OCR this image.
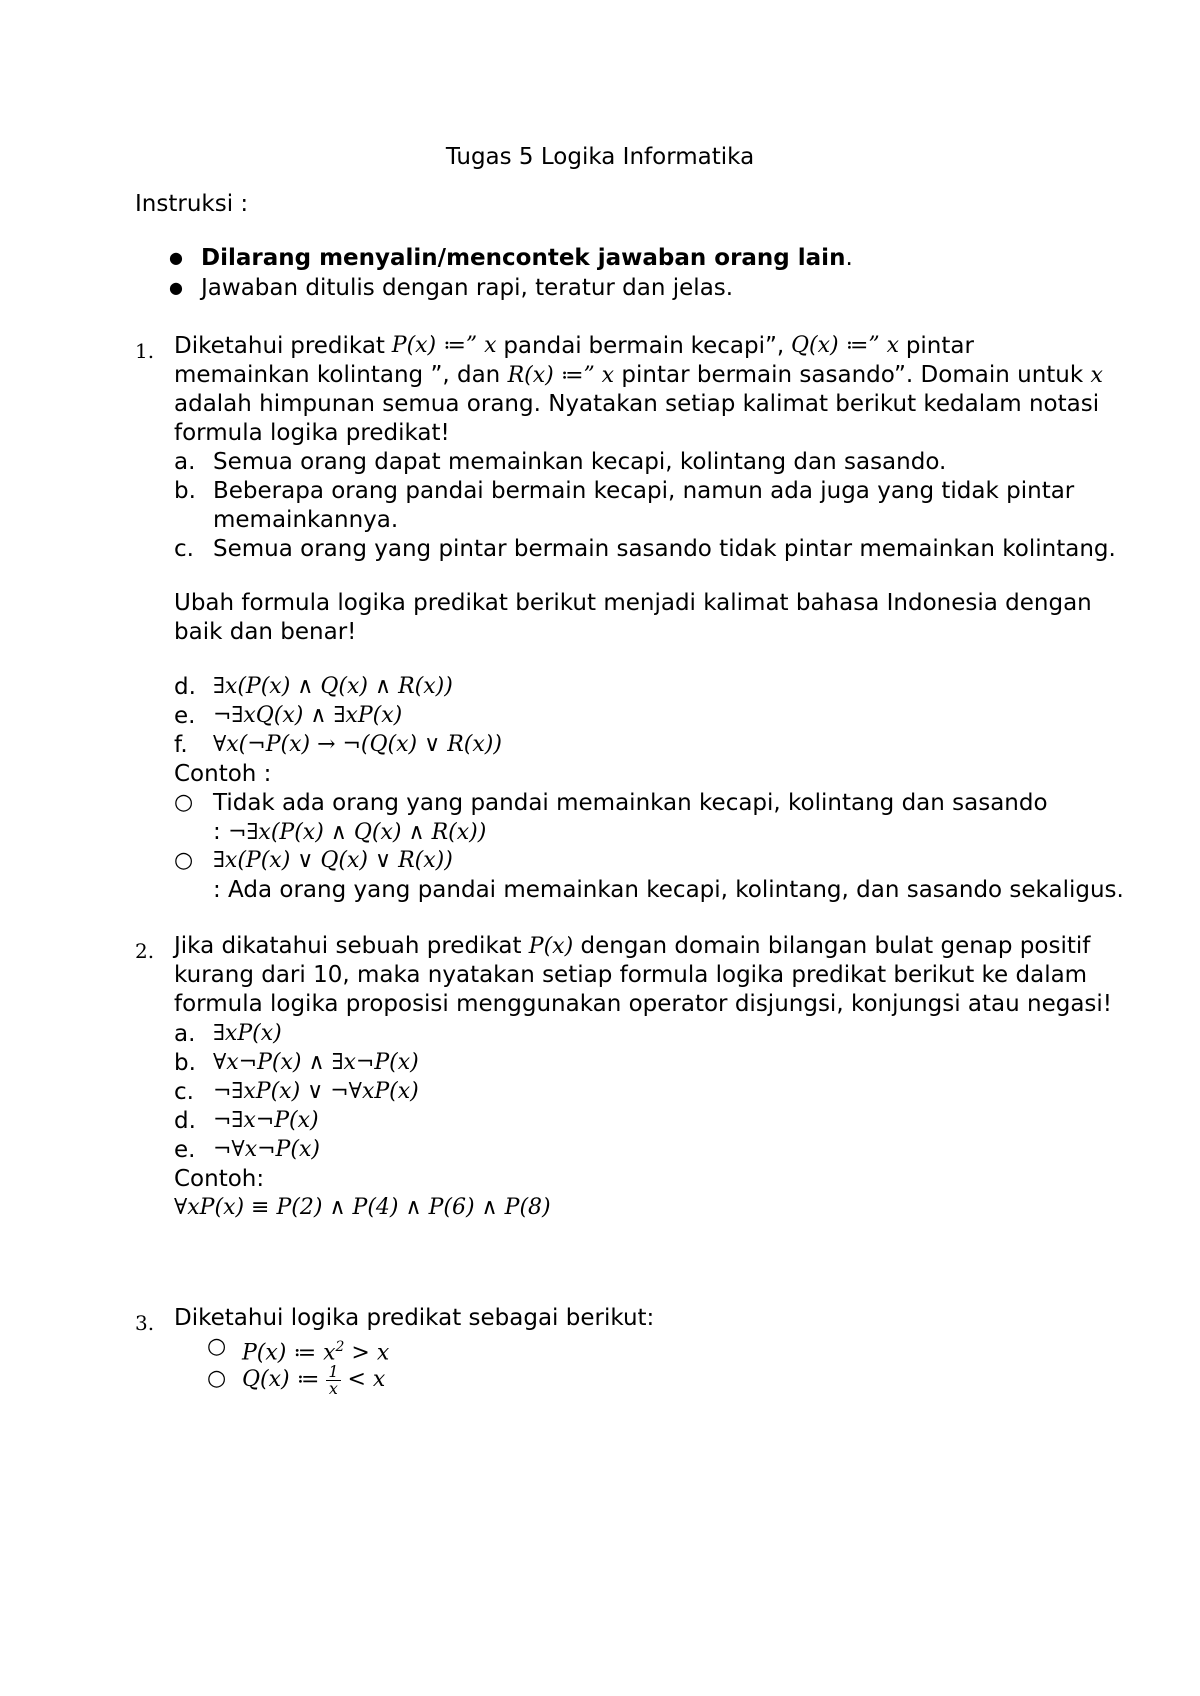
Tugas 5 Logika Informatika
Instruksi :
● Dilarang menyalin/mencontek jawaban orang lain.
● Jawaban ditulis dengan rapi, teratur dan jelas.
1. Diketahui predikat P(x) ≔” x pandai bermain kecapi”, Q(x) ≔” x pintar
memainkan kolintang ”, dan R(x) ≔” x pintar bermain sasando”. Domain untuk x
adalah himpunan semua orang. Nyatakan setiap kalimat berikut kedalam notasi
formula logika predikat!
a. Semua orang dapat memainkan kecapi, kolintang dan sasando.
b. Beberapa orang pandai bermain kecapi, namun ada juga yang tidak pintar
memainkannya.
c. Semua orang yang pintar bermain sasando tidak pintar memainkan kolintang.
Ubah formula logika predikat berikut menjadi kalimat bahasa Indonesia dengan
baik dan benar!
d. ∃x(P(x) ∧ Q(x) ∧ R(x))
e. ¬∃xQ(x) ∧ ∃xP(x)
f. ∀x(¬P(x) → ¬(Q(x) ∨ R(x))
Contoh :
○ Tidak ada orang yang pandai memainkan kecapi, kolintang dan sasando
: ¬∃x(P(x) ∧ Q(x) ∧ R(x))
○ ∃x(P(x) ∨ Q(x) ∨ R(x))
: Ada orang yang pandai memainkan kecapi, kolintang, dan sasando sekaligus.
2. Jika dikatahui sebuah predikat P(x) dengan domain bilangan bulat genap positif
kurang dari 10, maka nyatakan setiap formula logika predikat berikut ke dalam
formula logika proposisi menggunakan operator disjungsi, konjungsi atau negasi!
a. ∃xP(x)
b. ∀x¬P(x) ∧ ∃x¬P(x)
c. ¬∃xP(x) ∨ ¬∀xP(x)
d. ¬∃x¬P(x)
e. ¬∀x¬P(x)
Contoh:
∀xP(x) ≡ P(2) ∧ P(4) ∧ P(6) ∧ P(8)
3. Diketahui logika predikat sebagai berikut:
○ P(x) ≔ $x^2 > x$
○ Q(x) ≔ $\frac{1}{x} < x$
